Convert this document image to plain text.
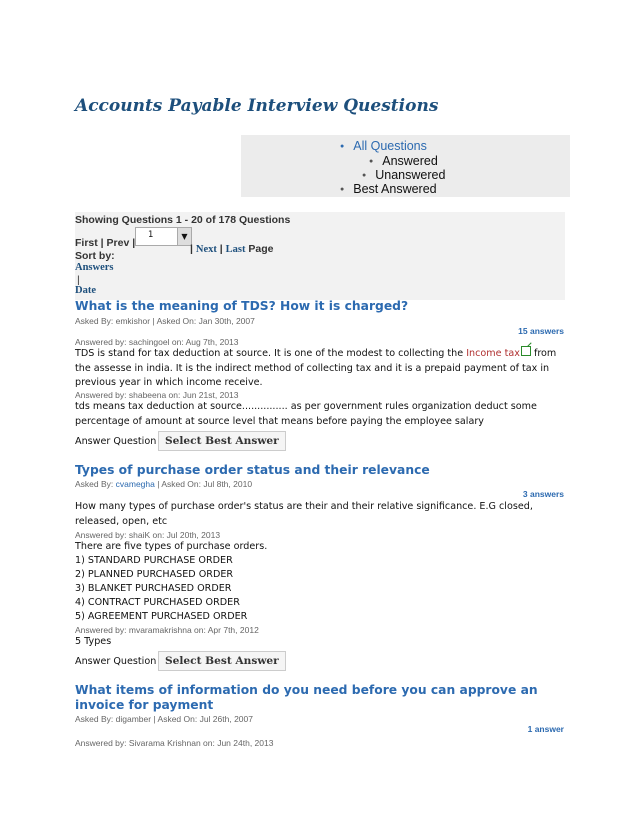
Accounts Payable Interview Questions
● All Questions
● Answered
● Unanswered
● Best Answered
Showing Questions 1 - 20 of 178 Questions
First | Prev |
1	▼
| Next | Last Page
Sort by:
Answers
|
Date
What is the meaning of TDS? How it is charged?
Asked By: emkishor | Asked On: Jan 30th, 2007
15 answers
Answered by: sachingoel on: Aug 7th, 2013
TDS is stand for tax deduction at source. It is one of the modest to collecting the Income tax from the assesse in india. It is the indirect method of collecting tax and it is a prepaid payment of tax in previous year in which income receive.
Answered by: shabeena on: Jun 21st, 2013
tds means tax deduction at source............... as per government rules organization deduct some percentage of amount at source level that means before paying the employee salary
Answer Question Select Best Answer
Types of purchase order status and their relevance
Asked By: cvamegha | Asked On: Jul 8th, 2010
3 answers
How many types of purchase order's status are their and their relative significance. E.G closed, released, open, etc
Answered by: shaiK on: Jul 20th, 2013
There are five types of purchase orders.
1) STANDARD PURCHASE ORDER
2) PLANNED PURCHASED ORDER
3) BLANKET PURCHASED ORDER
4) CONTRACT PURCHASED ORDER
5) AGREEMENT PURCHASED ORDER
Answered by: mvaramakrishna on: Apr 7th, 2012
5 Types
Answer Question Select Best Answer
What items of information do you need before you can approve an invoice for payment
Asked By: digamber | Asked On: Jul 26th, 2007
1 answer
Answered by: Sivarama Krishnan on: Jun 24th, 2013
